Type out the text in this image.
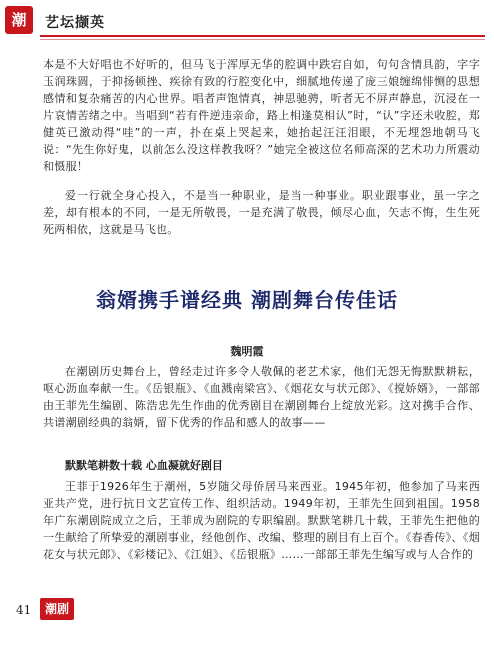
潮	艺坛撷英

本是不大好唱也不好听的，但马飞于浑厚无华的腔调中跌宕自如，句句含情具韵，字字玉润珠圆，于抑扬顿挫、疾徐有致的行腔变化中，细腻地传递了庞三娘缠绵悱恻的思想感情和复杂痛苦的内心世界。唱者声饱情真，神思驰骋，听者无不屏声静息，沉浸在一片哀情苦绪之中。当唱到“若有件逆违亲命，路上相逢莫相认”时，“认”字还未收腔，郑健英已激动得“哇”的一声，扑在桌上哭起来，她抬起汪汪泪眼，不无埋怨地朝马飞说：“先生你好鬼，以前怎么没这样教我呀？”她完全被这位名师高深的艺术功力所震动和慑服！

爱一行就全身心投入，不是当一种职业，是当一种事业。职业跟事业，虽一字之差，却有根本的不同，一是无所敬畏，一是充满了敬畏，倾尽心血，矢志不悔，生生死死两相依，这就是马飞也。

翁婿携手谱经典 潮剧舞台传佳话

魏明霞

在潮剧历史舞台上，曾经走过许多令人敬佩的老艺术家，他们无怨无悔默默耕耘，呕心沥血奉献一生。《岳银瓶》、《血溅南梁宫》、《烟花女与状元郎》、《搅娇婿》，一部部由王菲先生编剧、陈浩忠先生作曲的优秀剧目在潮剧舞台上绽放光彩。这对携手合作、共谱潮剧经典的翁婿，留下优秀的作品和感人的故事——

默默笔耕数十载 心血凝就好剧目

王菲于1926年生于潮州，5岁随父母侨居马来西亚。1945年初，他参加了马来西亚共产党，进行抗日文艺宣传工作、组织活动。1949年初，王菲先生回到祖国。1958年广东潮剧院成立之后，王菲成为剧院的专职编剧。默默笔耕几十载，王菲先生把他的一生献给了所挚爱的潮剧事业，经他创作、改编、整理的剧目有上百个。《春香传》、《烟花女与状元郎》、《彩楼记》、《江姐》、《岳银瓶》……一部部王菲先生编写或与人合作的

41	潮剧
